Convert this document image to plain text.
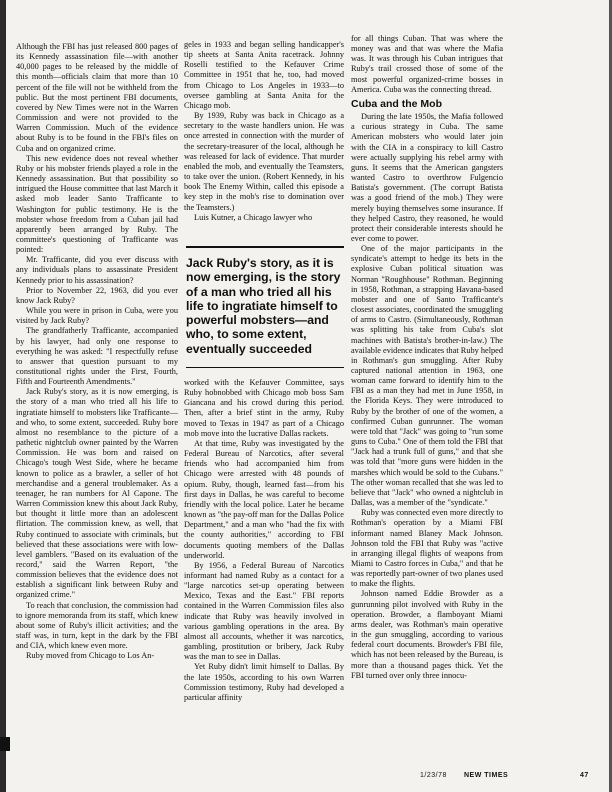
Although the FBI has just released 800 pages of its Kennedy assassination file—with another 40,000 pages to be released by the middle of this month—officials claim that more than 10 percent of the file will not be withheld from the public. But the most pertinent FBI documents, covered by New Times were not in the Warren Commission and were not provided to the Warren Commission. Much of the evidence about Ruby is to be found in the FBI's files on Cuba and on organized crime.

This new evidence does not reveal whether Ruby or his mobster friends played a role in the Kennedy assassination. But that possibility so intrigued the House committee that last March it asked mob leader Santo Trafficante to Washington for public testimony. He is the mobster whose freedom from a Cuban jail had apparently been arranged by Ruby. The committee's questioning of Trafficante was pointed:

Mr. Trafficante, did you ever discuss with any individuals plans to assassinate President Kennedy prior to his assassination?

Prior to November 22, 1963, did you ever know Jack Ruby?

While you were in prison in Cuba, were you visited by Jack Ruby?

The grandfatherly Trafficante, accompanied by his lawyer, had only one response to everything he was asked: "I respectfully refuse to answer that question pursuant to my constitutional rights under the First, Fourth, Fifth and Fourteenth Amendments."

Jack Ruby's story, as it is now emerging, is the story of a man who tried all his life to ingratiate himself to mobsters like Trafficante—and who, to some extent, succeeded. Ruby bore almost no resemblance to the picture of a pathetic nightclub owner painted by the Warren Commission. He was born and raised on Chicago's tough West Side, where he became known to police as a brawler, a seller of hot merchandise and a general troublemaker. As a teenager, he ran numbers for Al Capone. The Warren Commission knew this about Jack Ruby, but thought it little more than an adolescent flirtation. The commission knew, as well, that Ruby continued to associate with criminals, but believed that these associations were with low-level gamblers. "Based on its evaluation of the record," said the Warren Report, "the commission believes that the evidence does not establish a significant link between Ruby and organized crime."

To reach that conclusion, the commission had to ignore memoranda from its staff, which knew about some of Ruby's illicit activities; and the staff was, in turn, kept in the dark by the FBI and CIA, which knew even more.

Ruby moved from Chicago to Los An-

geles in 1933 and began selling handicapper's tip sheets at Santa Anita racetrack. Johnny Roselli testified to the Kefauver Crime Committee in 1951 that he, too, had moved from Chicago to Los Angeles in 1933—to oversee gambling at Santa Anita for the Chicago mob.

By 1939, Ruby was back in Chicago as a secretary to the waste handlers union. He was once arrested in connection with the murder of the secretary-treasurer of the local, although he was released for lack of evidence. That murder enabled the mob, and eventually the Teamsters, to take over the union. (Robert Kennedy, in his book The Enemy Within, called this episode a key step in the mob's rise to domination over the Teamsters.)

Luis Kutner, a Chicago lawyer who

Jack Ruby's story, as it is now emerging, is the story of a man who tried all his life to ingratiate himself to powerful mobsters—and who, to some extent, eventually succeeded

worked with the Kefauver Committee, says Ruby hobnobbed with Chicago mob boss Sam Giancana and his crowd during this period. Then, after a brief stint in the army, Ruby moved to Texas in 1947 as part of a Chicago mob move into the lucrative Dallas rackets.

At that time, Ruby was investigated by the Federal Bureau of Narcotics, after several friends who had accompanied him from Chicago were arrested with 48 pounds of opium. Ruby, though, learned fast—from his first days in Dallas, he was careful to become friendly with the local police. Later he became known as "the pay-off man for the Dallas Police Department," and a man who "had the fix with the county authorities," according to FBI documents quoting members of the Dallas underworld.

By 1956, a Federal Bureau of Narcotics informant had named Ruby as a contact for a "large narcotics set-up operating between Mexico, Texas and the East." FBI reports contained in the Warren Commission files also indicate that Ruby was heavily involved in various gambling operations in the area. By almost all accounts, whether it was narcotics, gambling, prostitution or bribery, Jack Ruby was the man to see in Dallas.

Yet Ruby didn't limit himself to Dallas. By the late 1950s, according to his own Warren Commission testimony, Ruby had developed a particular affinity

for all things Cuban. That was where the money was and that was where the Mafia was. It was through his Cuban intrigues that Ruby's trail crossed those of some of the most powerful organized-crime bosses in America. Cuba was the connecting thread.

Cuba and the Mob

During the late 1950s, the Mafia followed a curious strategy in Cuba. The same American mobsters who would later join with the CIA in a conspiracy to kill Castro were actually supplying his rebel army with guns. It seems that the American gangsters wanted Castro to overthrow Fulgencio Batista's government. (The corrupt Batista was a good friend of the mob.) They were merely buying themselves some insurance. If they helped Castro, they reasoned, he would protect their considerable interests should he ever come to power.

One of the major participants in the syndicate's attempt to hedge its bets in the explosive Cuban political situation was Norman "Roughhouse" Rothman. Beginning in 1958, Rothman, a strapping Havana-based mobster and one of Santo Trafficante's closest associates, coordinated the smuggling of arms to Castro. (Simultaneously, Rothman was splitting his take from Cuba's slot machines with Batista's brother-in-law.) The available evidence indicates that Ruby helped in Rothman's gun smuggling. After Ruby captured national attention in 1963, one woman came forward to identify him to the FBI as a man they had met in June 1958, in the Florida Keys. They were introduced to Ruby by the brother of one of the women, a confirmed Cuban gunrunner. The woman were told that "Jack" was going to "run some guns to Cuba." One of them told the FBI that "Jack had a trunk full of guns," and that she was told that "more guns were hidden in the marshes which would be sold to the Cubans." The other woman recalled that she was led to believe that "Jack" who owned a nightclub in Dallas, was a member of the "syndicate."

Ruby was connected even more directly to Rothman's operation by a Miami FBI informant named Blaney Mack Johnson. Johnson told the FBI that Ruby was "active in arranging illegal flights of weapons from Miami to Castro forces in Cuba," and that he was reportedly part-owner of two planes used to make the flights.

Johnson named Eddie Browder as a gunrunning pilot involved with Ruby in the operation. Browder, a flamboyant Miami arms dealer, was Rothman's main operative in the gun smuggling, according to various federal court documents. Browder's FBI file, which has not been released by the Bureau, is more than a thousand pages thick. Yet the FBI turned over only three innocu-

1/23/78 NEW TIMES	47
